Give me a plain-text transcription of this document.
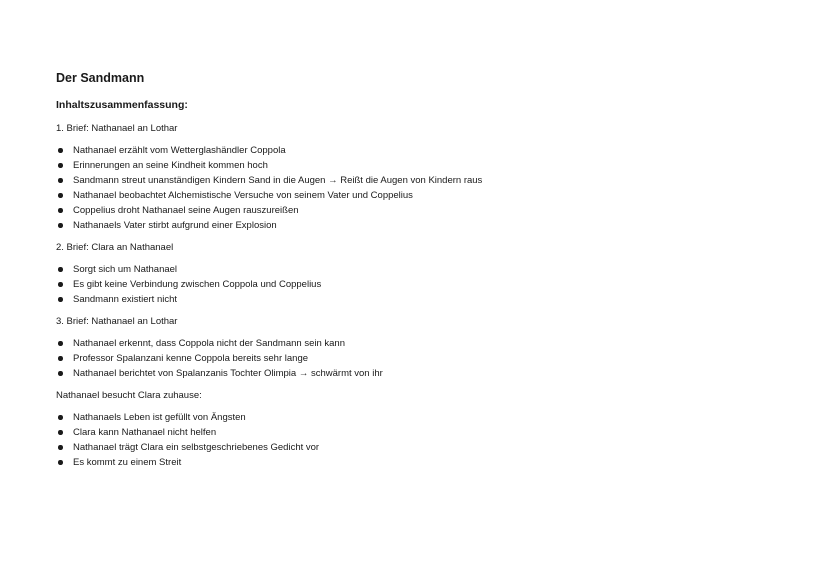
Der Sandmann
Inhaltszusammenfassung:
1. Brief: Nathanael an Lothar
Nathanael erzählt vom Wetterglashändler Coppola
Erinnerungen an seine Kindheit kommen hoch
Sandmann streut unanständigen Kindern Sand in die Augen → Reißt die Augen von Kindern raus
Nathanael beobachtet Alchemistische Versuche von seinem Vater und Coppelius
Coppelius droht Nathanael seine Augen rauszureißen
Nathanaels Vater stirbt aufgrund einer Explosion
2. Brief: Clara an Nathanael
Sorgt sich um Nathanael
Es gibt keine Verbindung zwischen Coppola und Coppelius
Sandmann existiert nicht
3. Brief: Nathanael an Lothar
Nathanael erkennt, dass Coppola nicht der Sandmann sein kann
Professor Spalanzani kenne Coppola bereits sehr lange
Nathanael berichtet von Spalanzanis Tochter Olimpia → schwärmt von ihr
Nathanael besucht Clara zuhause:
Nathanaels Leben ist gefüllt von Ängsten
Clara kann Nathanael nicht helfen
Nathanael trägt Clara ein selbstgeschriebenes Gedicht vor
Es kommt zu einem Streit
